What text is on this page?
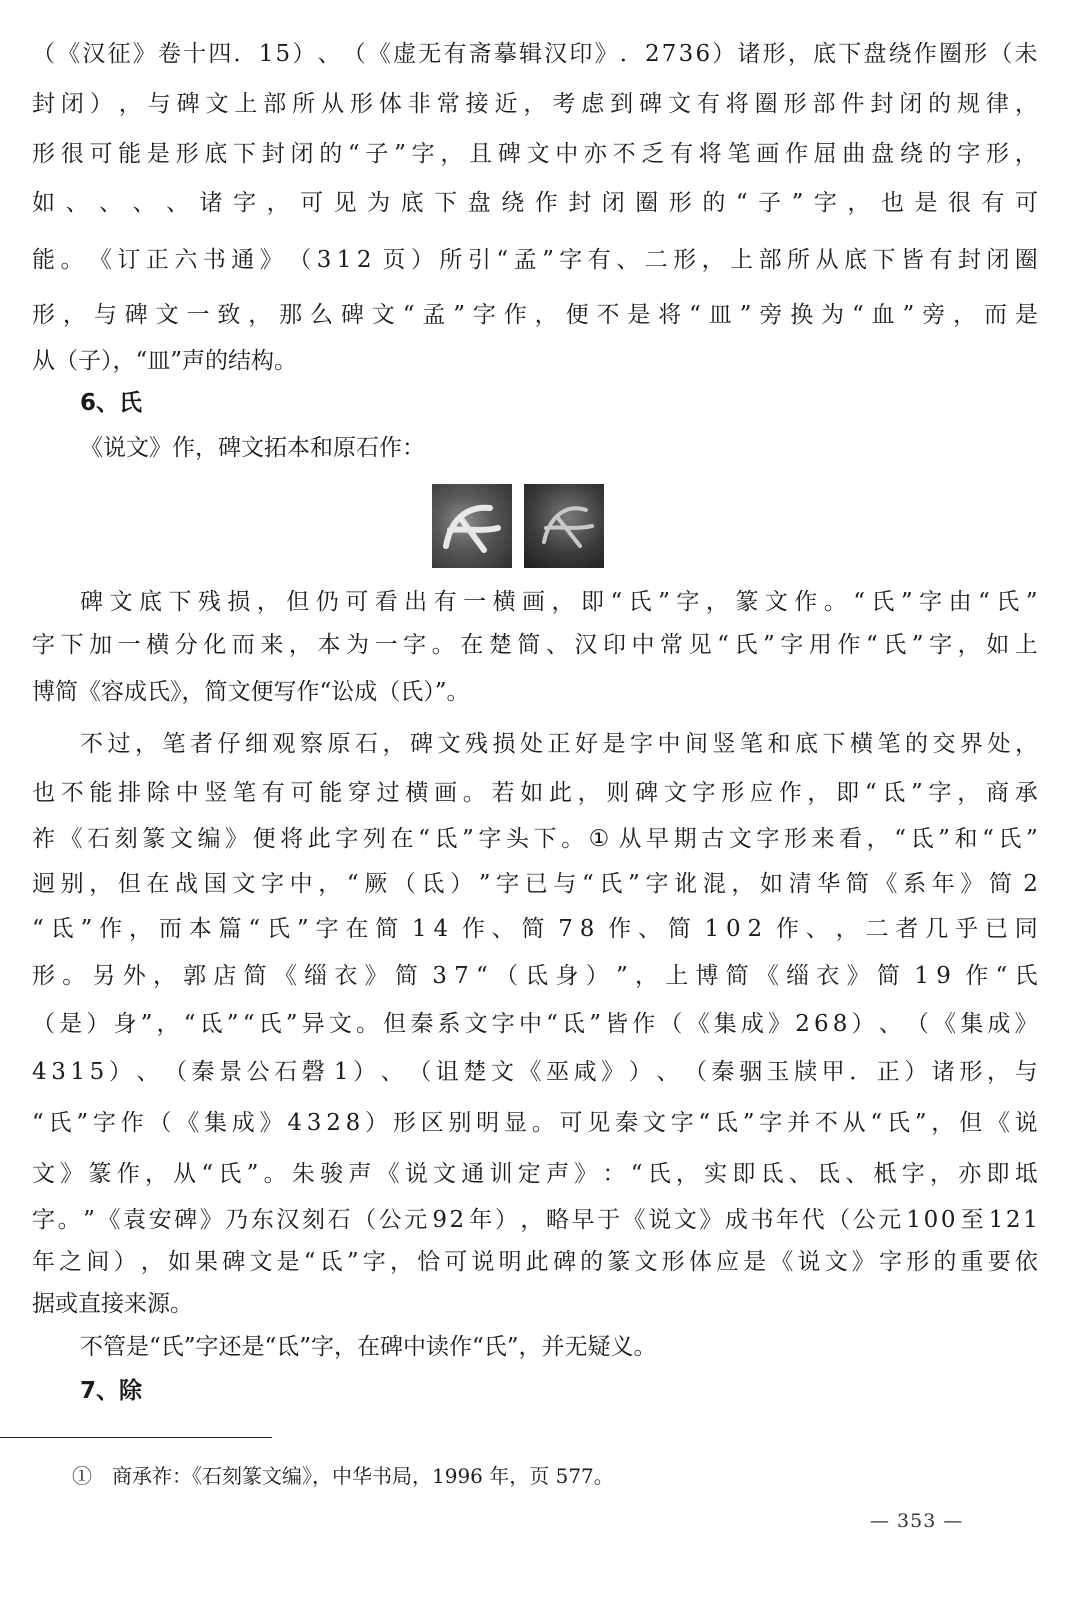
（ 《 汉 征 》 卷 十 四 ． 1 5 ） 、 （ 《 虚 无 有 斋 摹 辑 汉 印 》 ． 2 7 3 6 ） 诸 形 ， 底 下 盘 绕 作 圈 形 （ 未
封 闭 ） ， 与 碑 文 上 部 所 从 形 体 非 常 接 近 ， 考 虑 到 碑 文 有 将 圈 形 部 件 封 闭 的 规 律 ，
形 很 可 能 是 形 底 下 封 闭 的 “ 子 ” 字 ， 且 碑 文 中 亦 不 乏 有 将 笔 画 作 屈 曲 盘 绕 的 字 形 ，
如 、 、 、 、 诸 字 ， 可 见 为 底 下 盘 绕 作 封 闭 圈 形 的 “ 子 ” 字 ， 也 是 很 有 可
能 。 《 订 正 六 书 通 》 （ 3 1 2 页 ） 所 引 “ 孟 ” 字 有 、 二 形 ， 上 部 所 从 底 下 皆 有 封 闭 圈
形 ， 与 碑 文 一 致 ， 那 么 碑 文 “ 孟 ” 字 作 ， 便 不 是 将 “ 皿 ” 旁 换 为 “ 血 ” 旁 ， 而 是
从（子），“皿”声的结构。
6、氏
《说文》作，碑文拓本和原石作：
碑 文 底 下 残 损 ， 但 仍 可 看 出 有 一 横 画 ， 即 “ 氏 ” 字 ， 篆 文 作 。 “ 氏 ” 字 由 “ 氏 ”
字 下 加 一 横 分 化 而 来 ， 本 为 一 字 。 在 楚 简 、 汉 印 中 常 见 “ 氏 ” 字 用 作 “ 氏 ” 字 ， 如 上
博简《容成氏》，简文便写作“讼成（氏）”。
不 过 ， 笔 者 仔 细 观 察 原 石 ， 碑 文 残 损 处 正 好 是 字 中 间 竖 笔 和 底 下 横 笔 的 交 界 处 ，
也 不 能 排 除 中 竖 笔 有 可 能 穿 过 横 画 。 若 如 此 ， 则 碑 文 字 形 应 作 ， 即 “ 氐 ” 字 ， 商 承
祚 《 石 刻 篆 文 编 》 便 将 此 字 列 在 “ 氐 ” 字 头 下 。 ① 从 早 期 古 文 字 形 来 看 ， “ 氐 ” 和 “ 氏 ”
迥 别 ， 但 在 战 国 文 字 中 ， “ 厥 （ 氐 ） ” 字 已 与 “ 氏 ” 字 讹 混 ， 如 清 华 简 《 系 年 》 简 2
“ 氐 ” 作 ， 而 本 篇 “ 氏 ” 字 在 简 1 4 作 、 简 7 8 作 、 简 1 0 2 作 、 ， 二 者 几 乎 已 同
形 。 另 外 ， 郭 店 简 《 缁 衣 》 简 3 7 “ （ 氐 身 ） ” ， 上 博 简 《 缁 衣 》 简 1 9 作 “ 氏
（ 是 ） 身 ” ， “ 氐 ” “ 氏 ” 异 文 。 但 秦 系 文 字 中 “ 氐 ” 皆 作 （ 《 集 成 》 2 6 8 ） 、 （ 《 集 成 》
4 3 1 5 ） 、 （ 秦 景 公 石 磬 1 ） 、 （ 诅 楚 文 《 巫 咸 》 ） 、 （ 秦 骃 玉 牍 甲 ． 正 ） 诸 形 ， 与
“ 氏 ” 字 作 （ 《 集 成 》 4 3 2 8 ） 形 区 别 明 显 。 可 见 秦 文 字 “ 氐 ” 字 并 不 从 “ 氏 ” ， 但 《 说
文 》 篆 作 ， 从 “ 氏 ” 。 朱 骏 声 《 说 文 通 训 定 声 》 ： “ 氏 ， 实 即 氐 、 氐 、 柢 字 ， 亦 即 坻
字 。 ” 《 袁 安 碑 》 乃 东 汉 刻 石 （ 公 元 9 2 年 ） ， 略 早 于 《 说 文 》 成 书 年 代 （ 公 元 1 0 0 至 1 2 1
年 之 间 ） ， 如 果 碑 文 是 “ 氐 ” 字 ， 恰 可 说 明 此 碑 的 篆 文 形 体 应 是 《 说 文 》 字 形 的 重 要 依
据或直接来源。
不管是“氏”字还是“氐”字，在碑中读作“氏”，并无疑义。
7、除
①　商承祚：《石刻篆文编》，中华书局，1996 年，页 577。
— 353 —
